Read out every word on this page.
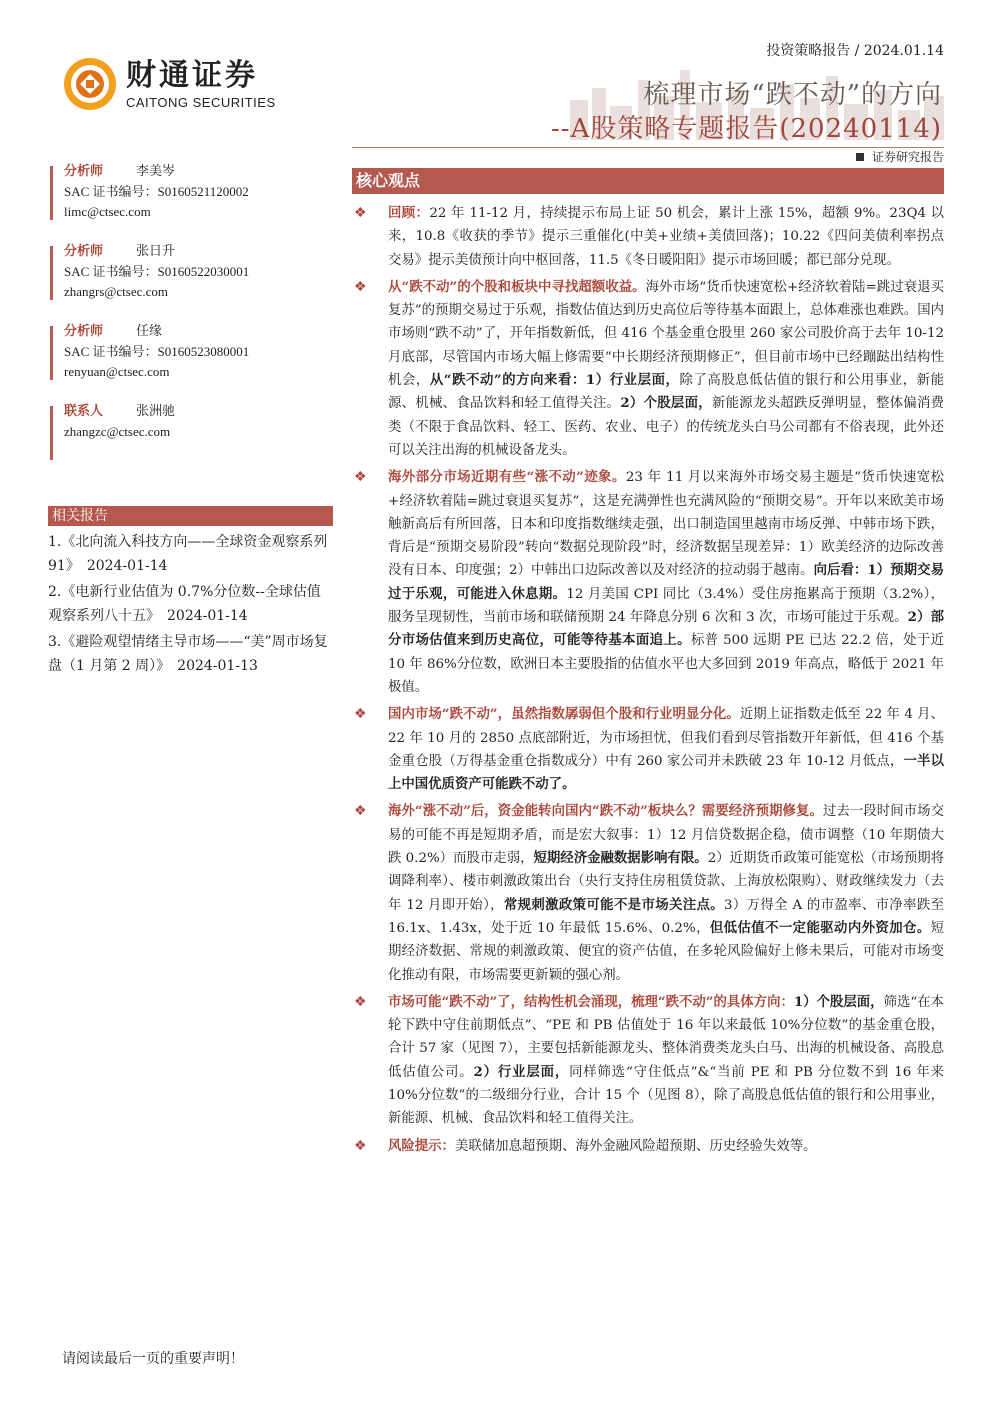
财通证券
CAITONG SECURITIES
投资策略报告 / 2024.01.14
梳理市场“跌不动”的方向
--A股策略专题报告(20240114)
证券研究报告
分析师	李美岑
SAC 证书编号：S0160521120002
limc@ctsec.com
分析师	张日升
SAC 证书编号：S0160522030001
zhangrs@ctsec.com
分析师	任缘
SAC 证书编号：S0160523080001
renyuan@ctsec.com
联系人	张洲驰
zhangzc@ctsec.com
相关报告
1.《北向流入科技方向——全球资金观察系列 91》　2024-01-14
2.《电新行业估值为 0.7%分位数--全球估值观察系列八十五》　2024-01-14
3.《避险观望情绪主导市场——“美”周市场复盘（1 月第 2 周）》　2024-01-13
核心观点
❖ 回顾：22 年 11-12 月，持续提示布局上证 50 机会，累计上涨 15%，超额 9%。23Q4 以来，10.8《收获的季节》提示三重催化(中美+业绩+美债回落)；10.22《四问美债利率拐点交易》提示美债预计向中枢回落，11.5《冬日暖阳阳》提示市场回暖；都已部分兑现。
❖ 从“跌不动”的个股和板块中寻找超额收益。海外市场“货币快速宽松+经济软着陆=跳过衰退买复苏”的预期交易过于乐观，指数估值达到历史高位后等待基本面跟上，总体难涨也难跌。国内市场则“跌不动”了，开年指数新低，但 416 个基金重仓股里 260 家公司股价高于去年 10-12 月底部，尽管国内市场大幅上修需要“中长期经济预期修正”，但目前市场中已经蹦跶出结构性机会，从“跌不动”的方向来看：1）行业层面，除了高股息低估值的银行和公用事业，新能源、机械、食品饮料和轻工值得关注。2）个股层面，新能源龙头超跌反弹明显，整体偏消费类（不限于食品饮料、轻工、医药、农业、电子）的传统龙头白马公司都有不俗表现，此外还可以关注出海的机械设备龙头。
❖ 海外部分市场近期有些“涨不动”迹象。23 年 11 月以来海外市场交易主题是“货币快速宽松+经济软着陆=跳过衰退买复苏”，这是充满弹性也充满风险的“预期交易”。开年以来欧美市场触新高后有所回落，日本和印度指数继续走强，出口制造国里越南市场反弹、中韩市场下跌，背后是“预期交易阶段”转向“数据兑现阶段”时，经济数据呈现差异：1）欧美经济的边际改善没有日本、印度强；2）中韩出口边际改善以及对经济的拉动弱于越南。向后看：1）预期交易过于乐观，可能进入休息期。12 月美国 CPI 同比（3.4%）受住房拖累高于预期（3.2%），服务呈现韧性，当前市场和联储预期 24 年降息分别 6 次和 3 次，市场可能过于乐观。2）部分市场估值来到历史高位，可能等待基本面追上。标普 500 远期 PE 已达 22.2 倍，处于近 10 年 86%分位数，欧洲日本主要股指的估值水平也大多回到 2019 年高点，略低于 2021 年极值。
❖ 国内市场“跌不动”，虽然指数孱弱但个股和行业明显分化。近期上证指数走低至 22 年 4 月、22 年 10 月的 2850 点底部附近，为市场担忧，但我们看到尽管指数开年新低，但 416 个基金重仓股（万得基金重仓指数成分）中有 260 家公司并未跌破 23 年 10-12 月低点，一半以上中国优质资产可能跌不动了。
❖ 海外“涨不动”后，资金能转向国内“跌不动”板块么？需要经济预期修复。过去一段时间市场交易的可能不再是短期矛盾，而是宏大叙事：1）12 月信贷数据企稳，债市调整（10 年期债大跌 0.2%）而股市走弱，短期经济金融数据影响有限。2）近期货币政策可能宽松（市场预期将调降利率）、楼市刺激政策出台（央行支持住房租赁贷款、上海放松限购）、财政继续发力（去年 12 月即开始），常规刺激政策可能不是市场关注点。3）万得全 A 的市盈率、市净率跌至 16.1x、1.43x，处于近 10 年最低 15.6%、0.2%，但低估值不一定能驱动内外资加仓。短期经济数据、常规的刺激政策、便宜的资产估值，在多轮风险偏好上修未果后，可能对市场变化推动有限，市场需要更新颖的强心剂。
❖ 市场可能“跌不动”了，结构性机会涌现，梳理“跌不动”的具体方向：1）个股层面，筛选“在本轮下跌中守住前期低点”、“PE 和 PB 估值处于 16 年以来最低 10%分位数”的基金重仓股，合计 57 家（见图 7），主要包括新能源龙头、整体消费类龙头白马、出海的机械设备、高股息低估值公司。2）行业层面，同样筛选“守住低点”&“当前 PE 和 PB 分位数不到 16 年来 10%分位数”的二级细分行业，合计 15 个（见图 8），除了高股息低估值的银行和公用事业，新能源、机械、食品饮料和轻工值得关注。
❖ 风险提示：美联储加息超预期、海外金融风险超预期、历史经验失效等。
请阅读最后一页的重要声明！
